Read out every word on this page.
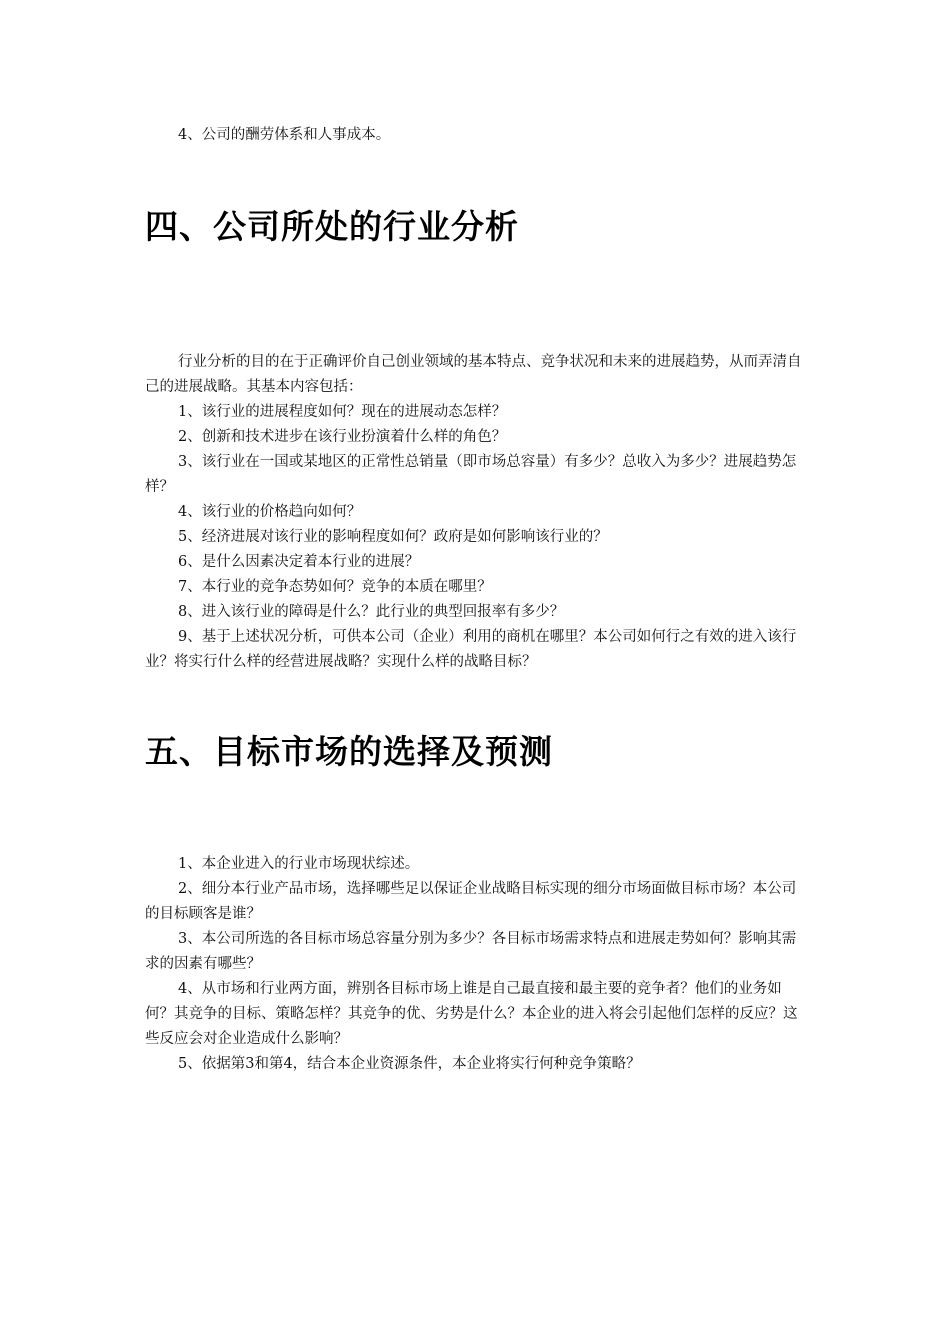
4、公司的酬劳体系和人事成本。

四、公司所处的行业分析

行业分析的目的在于正确评价自己创业领域的基本特点、竞争状况和未来的进展趋势，从而弄清自己的进展战略。其基本内容包括：

1、该行业的进展程度如何？现在的进展动态怎样？

2、创新和技术进步在该行业扮演着什么样的角色？

3、该行业在一国或某地区的正常性总销量（即市场总容量）有多少？总收入为多少？进展趋势怎样？

4、该行业的价格趋向如何？

5、经济进展对该行业的影响程度如何？政府是如何影响该行业的？

6、是什么因素决定着本行业的进展？

7、本行业的竞争态势如何？竞争的本质在哪里？

8、进入该行业的障碍是什么？此行业的典型回报率有多少？

9、基于上述状况分析，可供本公司（企业）利用的商机在哪里？本公司如何行之有效的进入该行业？将实行什么样的经营进展战略？实现什么样的战略目标？

五、目标市场的选择及预测

1、本企业进入的行业市场现状综述。

2、细分本行业产品市场，选择哪些足以保证企业战略目标实现的细分市场面做目标市场？本公司的目标顾客是谁？

3、本公司所选的各目标市场总容量分别为多少？各目标市场需求特点和进展走势如何？影响其需求的因素有哪些？

4、从市场和行业两方面，辨别各目标市场上谁是自己最直接和最主要的竞争者？他们的业务如何？其竞争的目标、策略怎样？其竞争的优、劣势是什么？本企业的进入将会引起他们怎样的反应？这些反应会对企业造成什么影响？

5、依据第3和第4，结合本企业资源条件，本企业将实行何种竞争策略？
